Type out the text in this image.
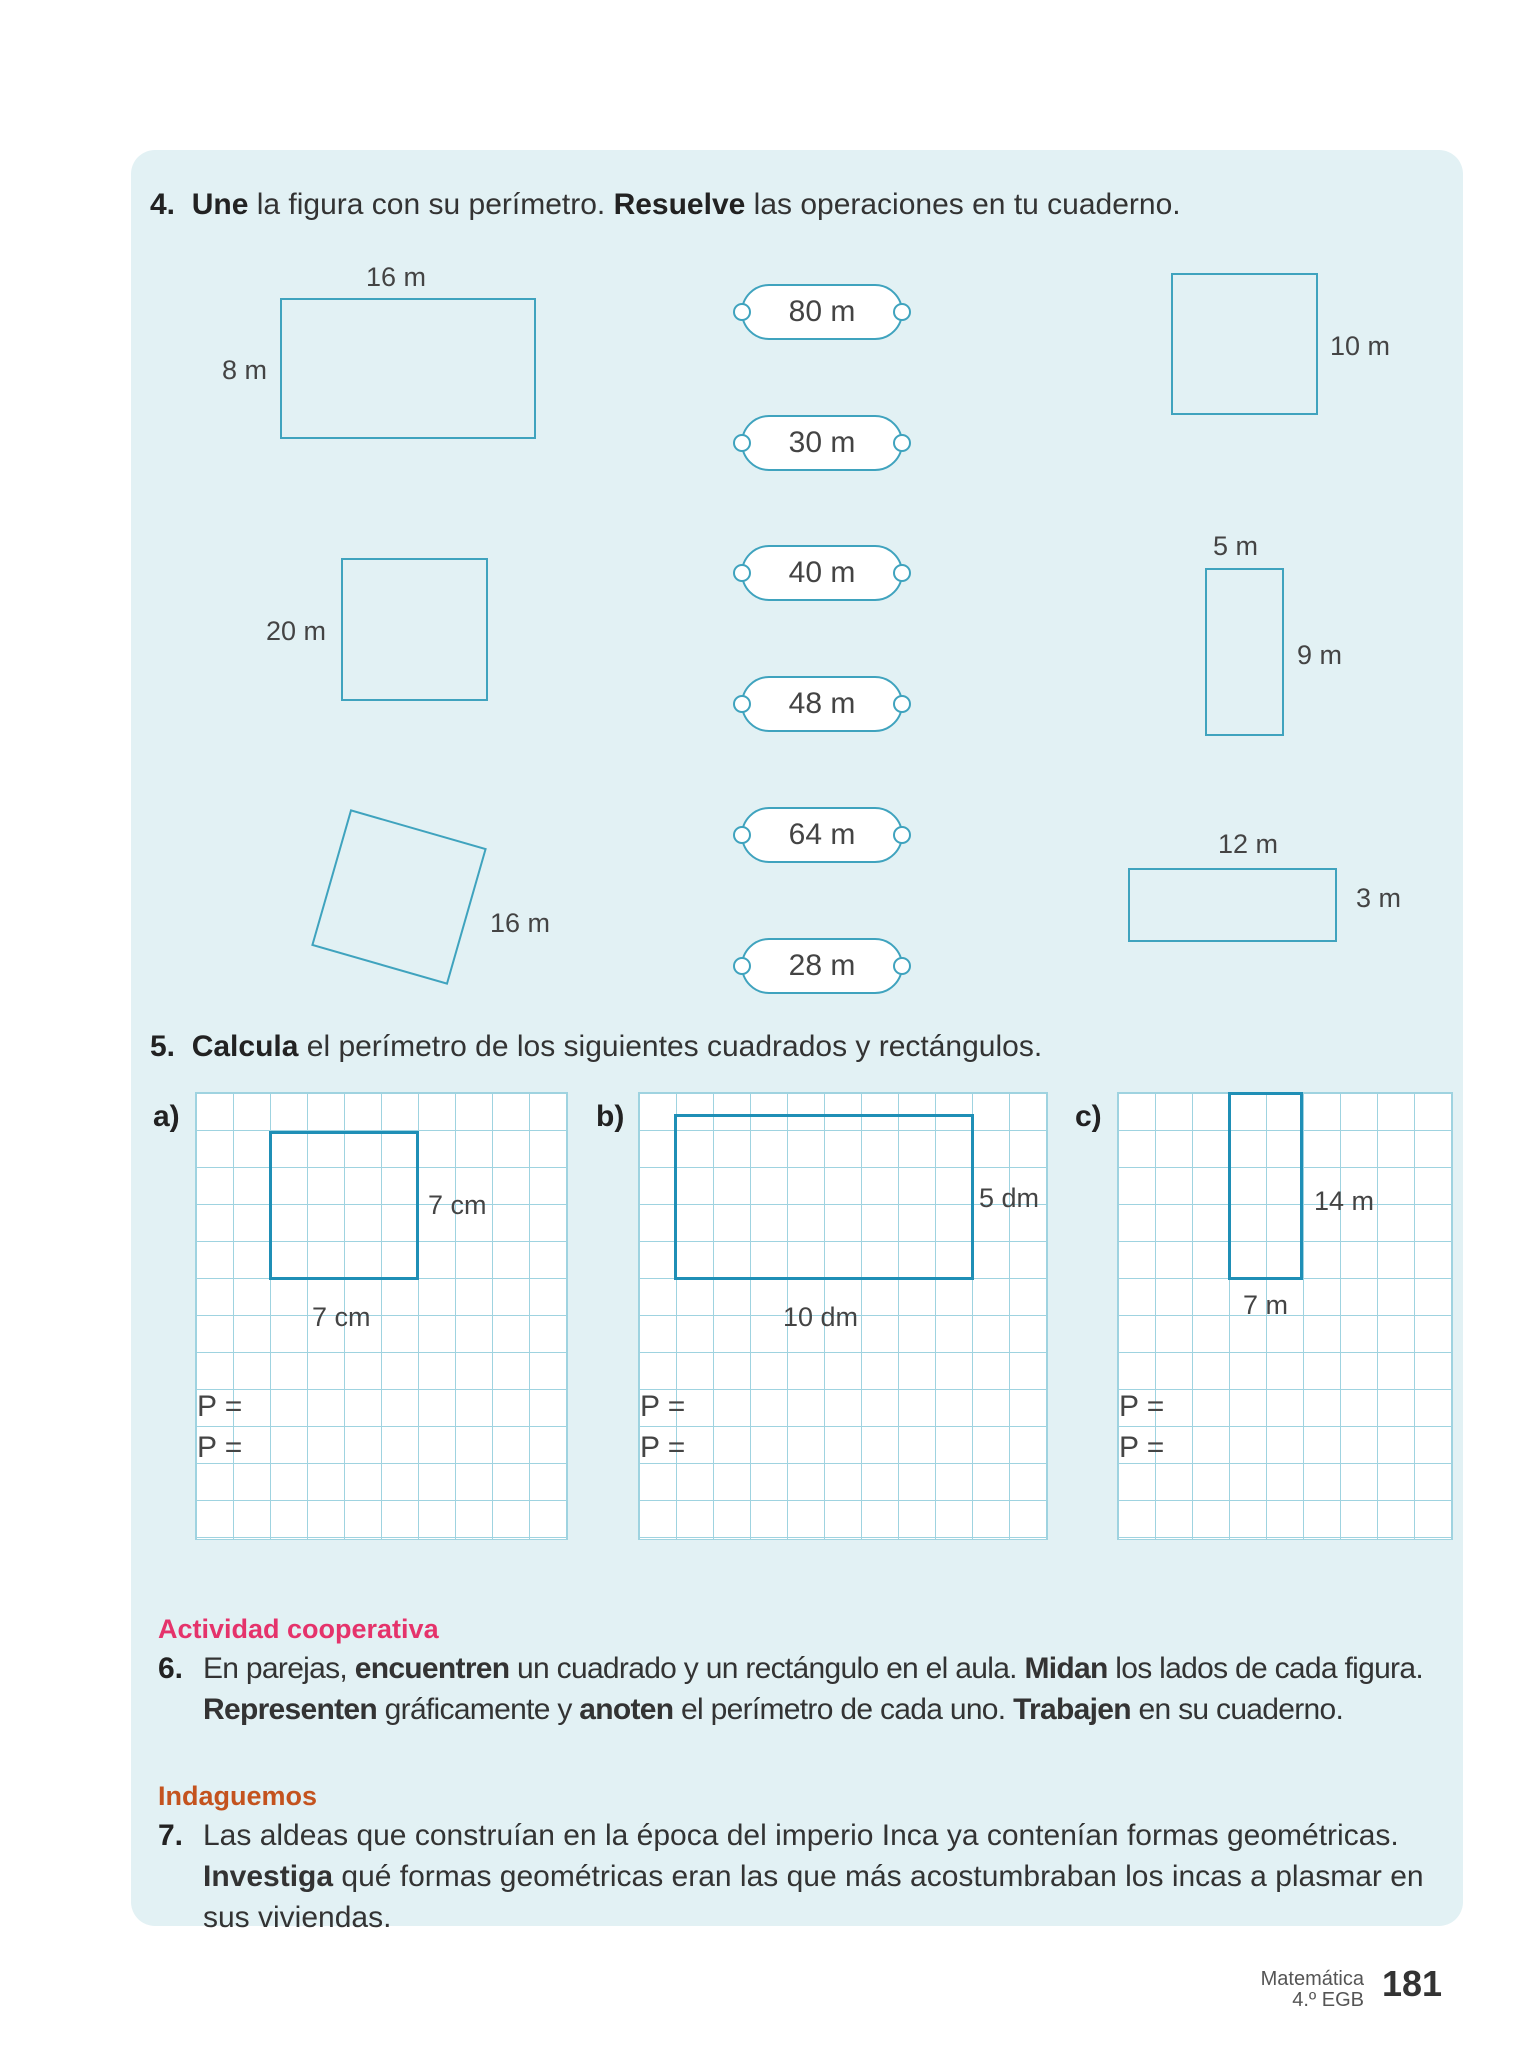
4. Une la figura con su perímetro. Resuelve las operaciones en tu cuaderno.
16 m
8 m
20 m
16 m
80 m
30 m
40 m
48 m
64 m
28 m
10 m
5 m
9 m
12 m
3 m
5. Calcula el perímetro de los siguientes cuadrados y rectángulos.
a)
7 cm
7 cm
P =
P =
b)
5 dm
10 dm
P =
P =
c)
14 m
7 m
P =
P =
Actividad cooperativa
6. En parejas, encuentren un cuadrado y un rectángulo en el aula. Midan los lados de cada figura.
Representen gráficamente y anoten el perímetro de cada uno. Trabajen en su cuaderno.
Indaguemos
7. Las aldeas que construían en la época del imperio Inca ya contenían formas geométricas.
Investiga qué formas geométricas eran las que más acostumbraban los incas a plasmar en
sus viviendas.
Matemática
4.º EGB 181
